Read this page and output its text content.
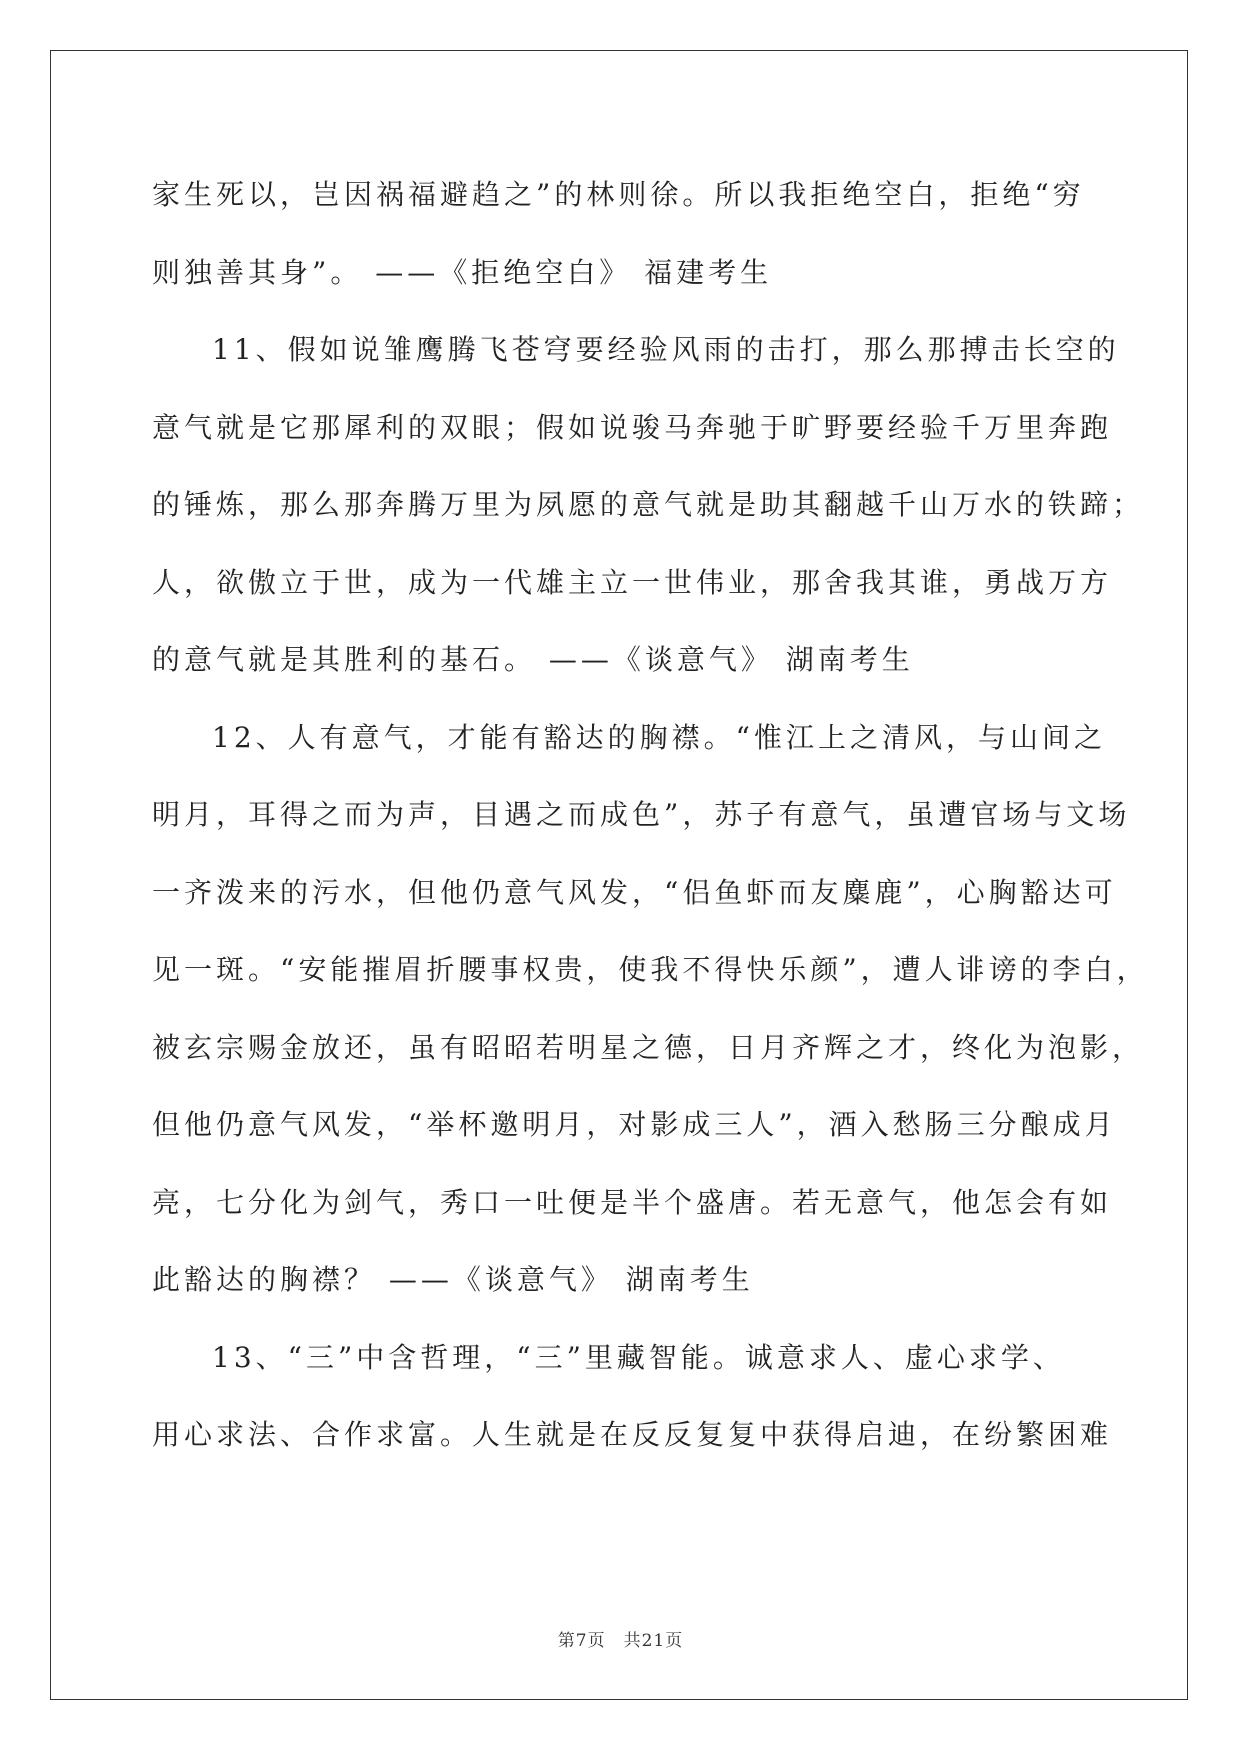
家生死以，岂因祸福避趋之”的林则徐。所以我拒绝空白，拒绝“穷
则独善其身”。 ——《拒绝空白》 福建考生
11、假如说雏鹰腾飞苍穹要经验风雨的击打，那么那搏击长空的
意气就是它那犀利的双眼；假如说骏马奔驰于旷野要经验千万里奔跑
的锤炼，那么那奔腾万里为夙愿的意气就是助其翻越千山万水的铁蹄；
人，欲傲立于世，成为一代雄主立一世伟业，那舍我其谁，勇战万方
的意气就是其胜利的基石。 ——《谈意气》 湖南考生
12、人有意气，才能有豁达的胸襟。“惟江上之清风，与山间之
明月，耳得之而为声，目遇之而成色”，苏子有意气，虽遭官场与文场
一齐泼来的污水，但他仍意气风发，“侣鱼虾而友麋鹿”，心胸豁达可
见一斑。“安能摧眉折腰事权贵，使我不得快乐颜”，遭人诽谤的李白，
被玄宗赐金放还，虽有昭昭若明星之德，日月齐辉之才，终化为泡影，
但他仍意气风发，“举杯邀明月，对影成三人”，酒入愁肠三分酿成月
亮，七分化为剑气，秀口一吐便是半个盛唐。若无意气，他怎会有如
此豁达的胸襟？ ——《谈意气》 湖南考生
13、“三”中含哲理，“三”里藏智能。诚意求人、虚心求学、
用心求法、合作求富。人生就是在反反复复中获得启迪，在纷繁困难
第7页　共21页
